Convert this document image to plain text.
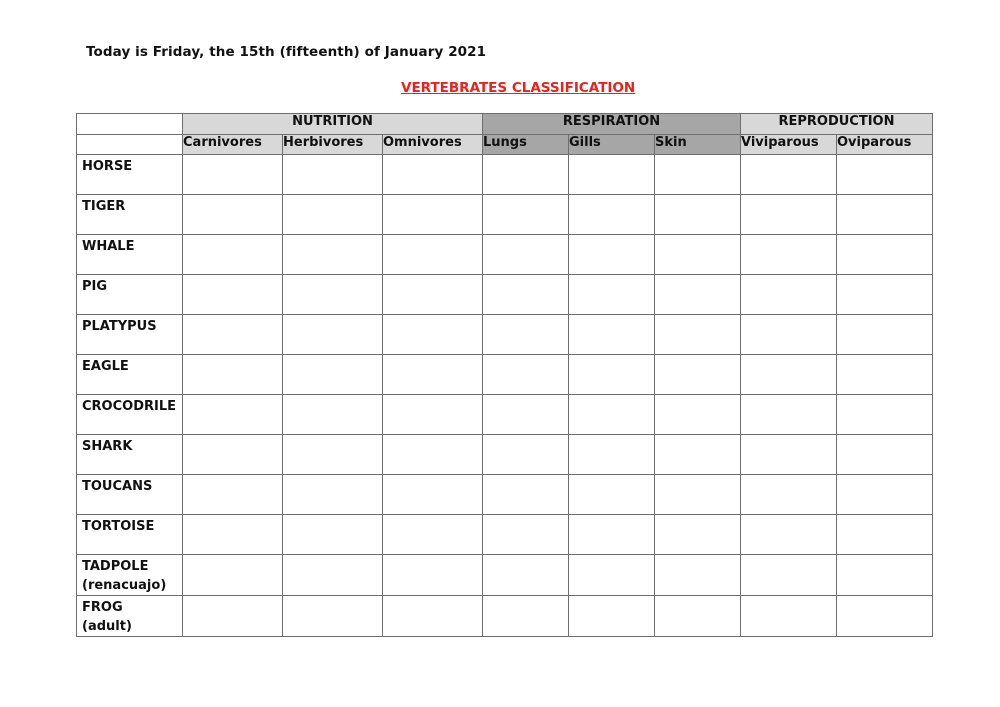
Today is Friday, the 15th (fifteenth) of January 2021
VERTEBRATES CLASSIFICATION
	NUTRITION			RESPIRATION			REPRODUCTION	
	Carnivores	Herbivores	Omnivores	Lungs	Gills	Skin	Viviparous	Oviparous

HORSE								

TIGER								

WHALE								

PIG								

PLATYPUS								

EAGLE								

CROCODRILE								

SHARK								

TOUCANS								

TORTOISE								

TADPOLE
(renacuajo)								

FROG (adult)								
